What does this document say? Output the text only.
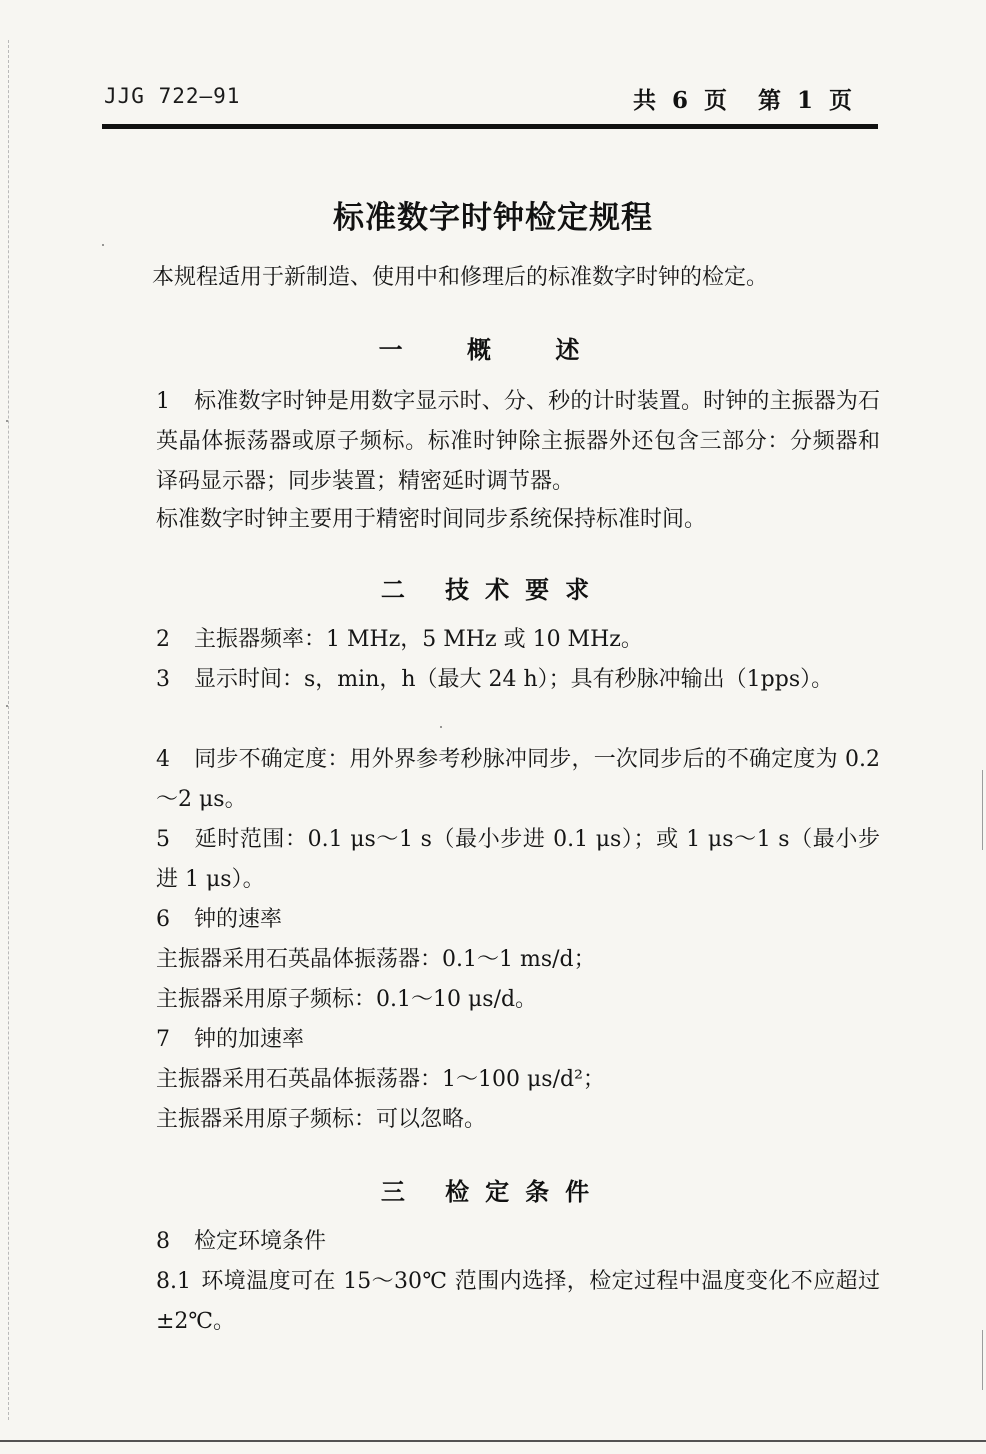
JJG 722—91	共 6 页　第 1 页
标准数字时钟检定规程
本规程适用于新制造、使用中和修理后的标准数字时钟的检定。
一 概 述
1 标准数字时钟是用数字显示时、分、秒的计时装置。时钟的主振器为石英晶体振荡器或原子频标。标准时钟除主振器外还包含三部分：分频器和译码显示器；同步装置；精密延时调节器。
标准数字时钟主要用于精密时间同步系统保持标准时间。
二 技术要求
2 主振器频率：1 MHz，5 MHz 或 10 MHz。
3 显示时间：s，min，h（最大 24 h）；具有秒脉冲输出（1pps）。
4 同步不确定度：用外界参考秒脉冲同步，一次同步后的不确定度为 0.2～2 μs。
5 延时范围：0.1 μs～1 s（最小步进 0.1 μs）；或 1 μs～1 s（最小步进 1 μs）。
6 钟的速率
主振器采用石英晶体振荡器：0.1～1 ms/d；
主振器采用原子频标：0.1～10 μs/d。
7 钟的加速率
主振器采用石英晶体振荡器：1～100 μs/d²；
主振器采用原子频标：可以忽略。
三 检定条件
8 检定环境条件
8.1 环境温度可在 15～30℃ 范围内选择，检定过程中温度变化不应超过±2℃。
